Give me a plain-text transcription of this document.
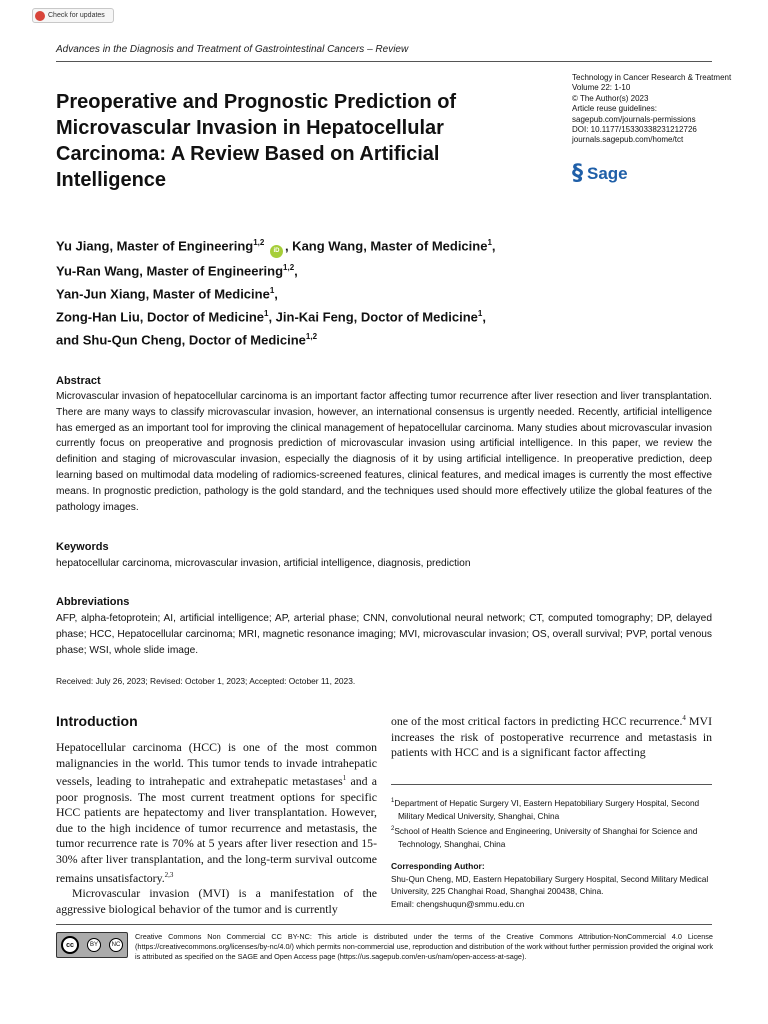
Check for updates
Advances in the Diagnosis and Treatment of Gastrointestinal Cancers – Review
Preoperative and Prognostic Prediction of Microvascular Invasion in Hepatocellular Carcinoma: A Review Based on Artificial Intelligence
Technology in Cancer Research & Treatment
Volume 22: 1-10
© The Author(s) 2023
Article reuse guidelines:
sagepub.com/journals-permissions
DOI: 10.1177/15330338231212726
journals.sagepub.com/home/tct
§ Sage
Yu Jiang, Master of Engineering$^{1,2}$ iD , Kang Wang, Master of Medicine$^1$,
Yu-Ran Wang, Master of Engineering$^{1,2}$,
Yan-Jun Xiang, Master of Medicine$^1$,
Zong-Han Liu, Doctor of Medicine$^1$, Jin-Kai Feng, Doctor of Medicine$^1$,
and Shu-Qun Cheng, Doctor of Medicine$^{1,2}$
Abstract
Microvascular invasion of hepatocellular carcinoma is an important factor affecting tumor recurrence after liver resection and liver transplantation. There are many ways to classify microvascular invasion, however, an international consensus is urgently needed. Recently, artificial intelligence has emerged as an important tool for improving the clinical management of hepatocellular carcinoma. Many studies about microvascular invasion currently focus on preoperative and prognosis prediction of microvascular invasion using artificial intelligence. In this paper, we review the definition and staging of microvascular invasion, especially the diagnosis of it by using artificial intelligence. In preoperative prediction, deep learning based on multimodal data modeling of radiomics-screened features, clinical features, and medical images is currently the most effective means. In prognostic prediction, pathology is the gold standard, and the techniques used should more effectively utilize the global features of the pathology images.
Keywords
hepatocellular carcinoma, microvascular invasion, artificial intelligence, diagnosis, prediction
Abbreviations
AFP, alpha-fetoprotein; AI, artificial intelligence; AP, arterial phase; CNN, convolutional neural network; CT, computed tomography; DP, delayed phase; HCC, Hepatocellular carcinoma; MRI, magnetic resonance imaging; MVI, microvascular invasion; OS, overall survival; PVP, portal venous phase; WSI, whole slide image.
Received: July 26, 2023; Revised: October 1, 2023; Accepted: October 11, 2023.
Introduction

Hepatocellular carcinoma (HCC) is one of the most common malignancies in the world. This tumor tends to invade intrahepatic vessels, leading to intrahepatic and extrahepatic metastases$^1$ and a poor prognosis. The most current treatment options for specific HCC patients are hepatectomy and liver transplantation. However, due to the high incidence of tumor recurrence and metastasis, the tumor recurrence rate is 70% at 5 years after liver resection and 15-30% after liver transplantation, and the long-term survival outcome remains unsatisfactory.$^{2,3}$

Microvascular invasion (MVI) is a manifestation of the aggressive biological behavior of the tumor and is currently

one of the most critical factors in predicting HCC recurrence.$^4$ MVI increases the risk of postoperative recurrence and metastasis in patients with HCC and is a significant factor affecting

$^1$Department of Hepatic Surgery VI, Eastern Hepatobiliary Surgery Hospital, Second Military Medical University, Shanghai, China
$^2$School of Health Science and Engineering, University of Shanghai for Science and Technology, Shanghai, China
Corresponding Author:
Shu-Qun Cheng, MD, Eastern Hepatobiliary Surgery Hospital, Second Military Medical University, 225 Changhai Road, Shanghai 200438, China.
Email: chengshuqun@smmu.edu.cn
cc	BY	NC
Creative Commons Non Commercial CC BY-NC: This article is distributed under the terms of the Creative Commons Attribution-NonCommercial 4.0 License (https://creativecommons.org/licenses/by-nc/4.0/) which permits non-commercial use, reproduction and distribution of the work without further permission provided the original work is attributed as specified on the SAGE and Open Access page (https://us.sagepub.com/en-us/nam/open-access-at-sage).
